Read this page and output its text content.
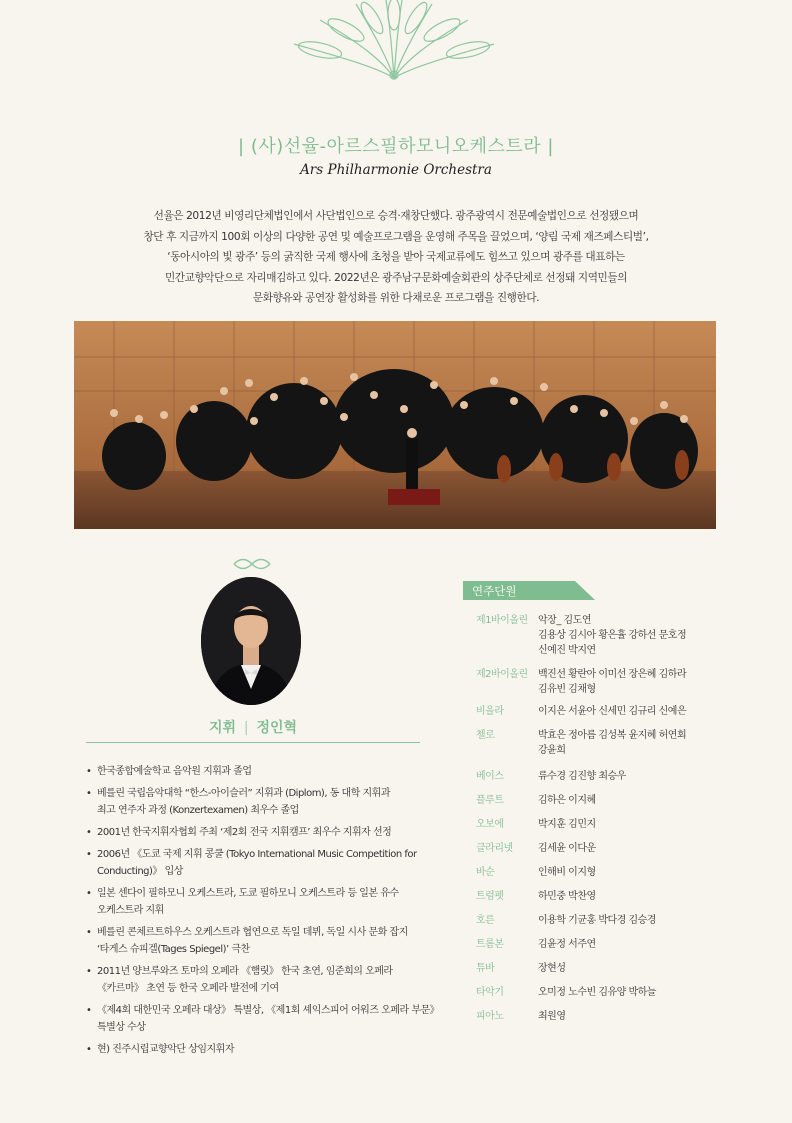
| (사)선율-아르스필하모니오케스트라 |
Ars Philharmonie Orchestra

선율은 2012년 비영리단체법인에서 사단법인으로 승격·재창단했다. 광주광역시 전문예술법인으로 선정됐으며

창단 후 지금까지 100회 이상의 다양한 공연 및 예술프로그램을 운영해 주목을 끌었으며, ‘양림 국제 재즈페스티벌’,

‘동아시아의 빛 광주’ 등의 굵직한 국제 행사에 초청을 받아 국제교류에도 힘쓰고 있으며 광주를 대표하는

민간교향악단으로 자리매김하고 있다. 2022년은 광주남구문화예술회관의 상주단체로 선정돼 지역민들의

문화향유와 공연장 활성화를 위한 다채로운 프로그램을 진행한다.

지휘 | 정인혁
• 한국종합예술학교 음악원 지휘과 졸업
• 베를린 국립음악대학 “한스-아이슬러” 지휘과 (Diplom), 동 대학 지휘과
최고 연주자 과정 (Konzertexamen) 최우수 졸업
• 2001년 한국지휘자협회 주최 ‘제2회 전국 지휘캠프’ 최우수 지휘자 선정
• 2006년 《도쿄 국제 지휘 콩쿨 (Tokyo International Music Competition for
Conducting)》 입상
• 일본 센다이 필하모니 오케스트라, 도쿄 필하모니 오케스트라 등 일본 유수
오케스트라 지휘
• 베를린 콘체르트하우스 오케스트라 협연으로 독일 데뷔, 독일 시사 문화 잡지
‘타게스 슈피겔(Tages Spiegel)’ 극찬
• 2011년 양브루와즈 토마의 오페라 《햄릿》 한국 초연, 임준희의 오페라
《카르마》 초연 등 한국 오페라 발전에 기여
• 《제4회 대한민국 오페라 대상》 특별상, 《제1회 셰익스피어 어워즈 오페라 부문》
특별상 수상
• 현) 진주시립교향악단 상임지휘자
연주단원
제1바이올린	악장_ 김도연
김용상 김시아 황은휼 강하선 문호정
신예진 박지연
제2바이올린	백진선 황란아 이미선 장은혜 김하라
김유빈 김채형
비올라	이지은 서윤아 신세민 김규리 신예은
첼로	박효은 정아름 김성복 윤지혜 허연회
강윤희
베이스	류수경 김진향 최승우
플루트	김하은 이지혜
오보에	박지훈 김민지
클라리넷	김세윤 이다운
바순	인해비 이지형
트럼펫	하민중 박찬영
호른	이용학 기균홍 박다경 김승경
트롬본	김윤정 서주연
튜바	장현성
타악기	오미정 노수빈 김유양 박하늘
피아노	최원영
